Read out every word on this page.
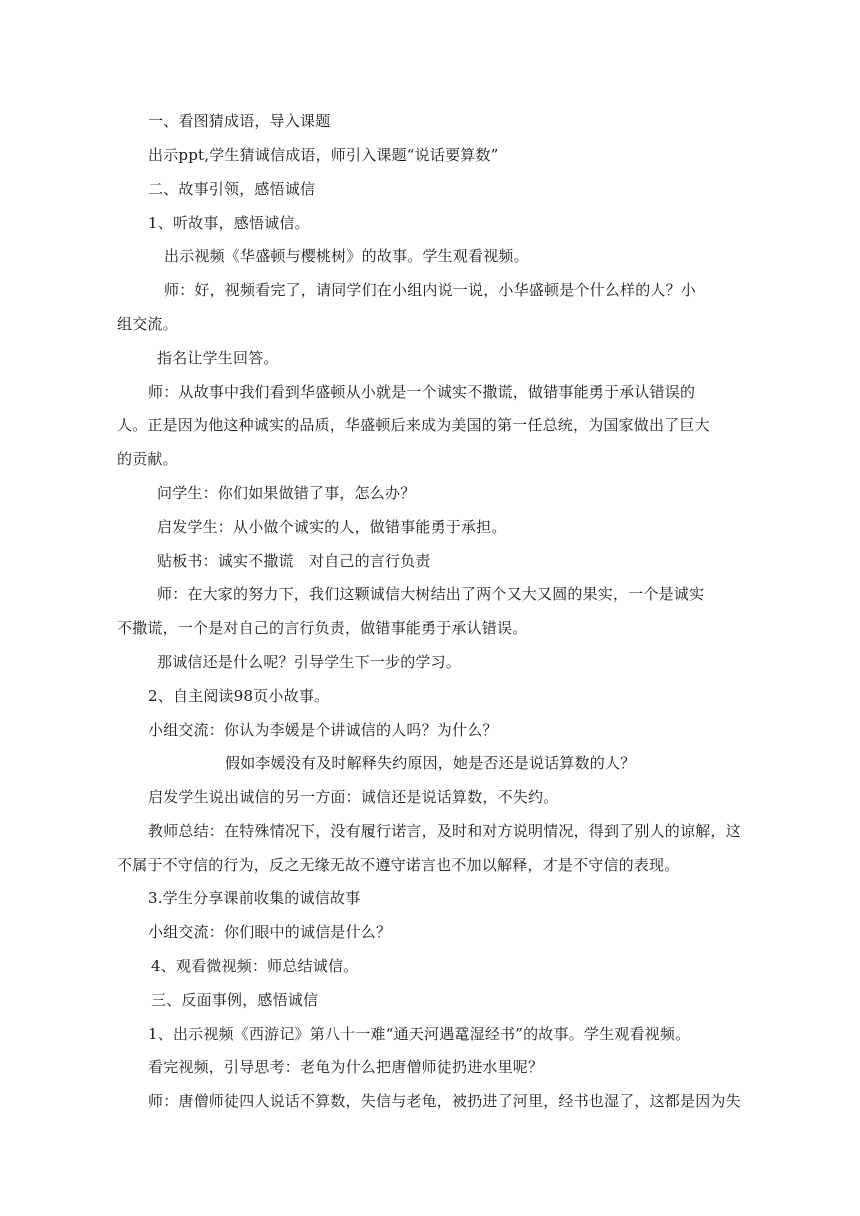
一、看图猜成语，导入课题
出示ppt,学生猜诚信成语，师引入课题“说话要算数”
二、故事引领，感悟诚信
1、听故事，感悟诚信。
出示视频《华盛顿与樱桃树》的故事。学生观看视频。
师：好，视频看完了，请同学们在小组内说一说，小华盛顿是个什么样的人？小
组交流。
指名让学生回答。
师：从故事中我们看到华盛顿从小就是一个诚实不撒谎，做错事能勇于承认错误的
人。正是因为他这种诚实的品质，华盛顿后来成为美国的第一任总统，为国家做出了巨大
的贡献。
问学生：你们如果做错了事，怎么办？
启发学生：从小做个诚实的人，做错事能勇于承担。
贴板书：诚实不撒谎　对自己的言行负责
师：在大家的努力下，我们这颗诚信大树结出了两个又大又圆的果实，一个是诚实
不撒谎，一个是对自己的言行负责，做错事能勇于承认错误。
那诚信还是什么呢？引导学生下一步的学习。
2、自主阅读98页小故事。
小组交流：你认为李媛是个讲诚信的人吗？为什么？
假如李媛没有及时解释失约原因，她是否还是说话算数的人？
启发学生说出诚信的另一方面：诚信还是说话算数，不失约。
教师总结：在特殊情况下，没有履行诺言，及时和对方说明情况，得到了别人的谅解，这
不属于不守信的行为，反之无缘无故不遵守诺言也不加以解释，才是不守信的表现。
3.学生分享课前收集的诚信故事
小组交流：你们眼中的诚信是什么？
4、观看微视频：师总结诚信。
三、反面事例，感悟诚信
1、出示视频《西游记》第八十一难“通天河遇鼋湿经书”的故事。学生观看视频。
看完视频，引导思考：老龟为什么把唐僧师徒扔进水里呢？
师：唐僧师徒四人说话不算数，失信与老龟，被扔进了河里，经书也湿了，这都是因为失
